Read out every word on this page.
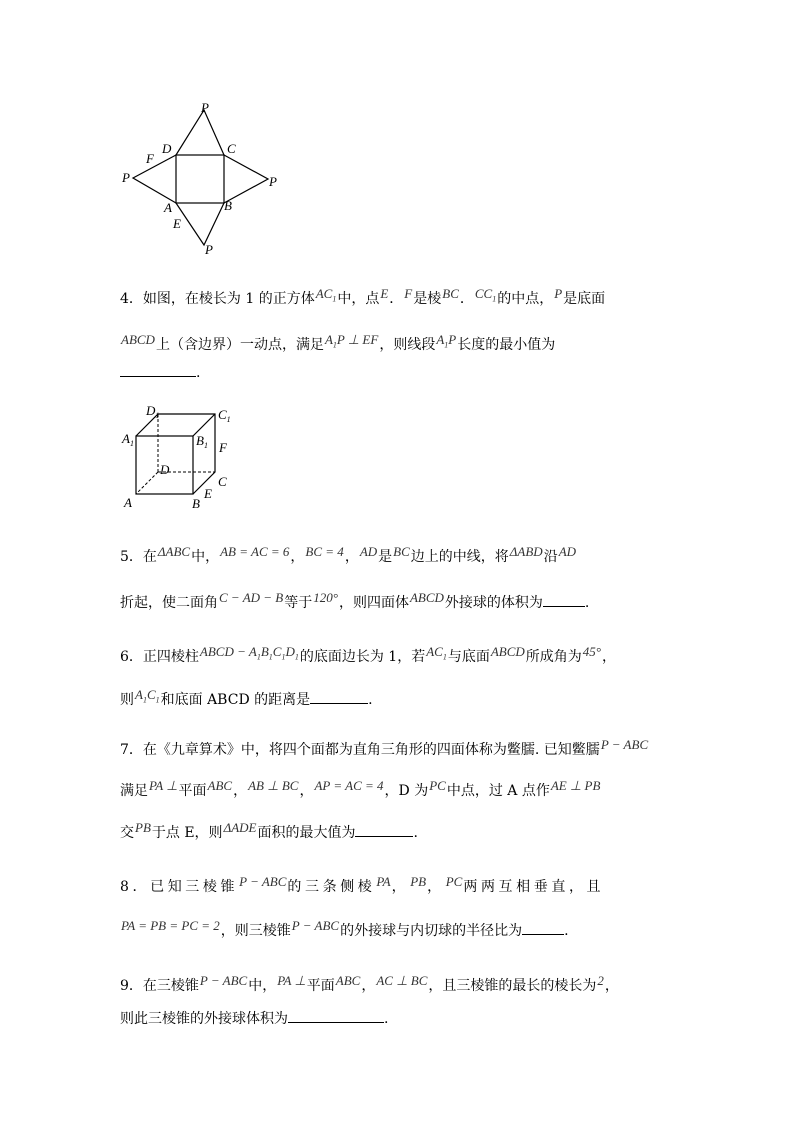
P
D	C
F
P	P
A	B
E
P
4．如图，在棱长为 1 的正方体$AC_1$中，点E．F是棱BC．$CC_1$的中点，P是底面
ABCD上（含边界）一动点，满足$A_1P$ ⊥ EF，则线段$A_1P$长度的最小值为
.
$D_1$	$C_1$
$A_1$	$B_1$ F
D
C
E
A	B
5．在ΔABC中，AB = AC = 6，BC = 4，AD是BC边上的中线，将ΔABD沿AD
折起，使二面角C − AD − B等于120°，则四面体ABCD外接球的体积为	.
6．正四棱柱ABCD − $A_1B_1C_1D_1$的底面边长为 1，若$AC_1$与底面ABCD所成角为45°，
则$A_1C_1$和底面 ABCD 的距离是	.
7．在《九章算术》中，将四个面都为直角三角形的四面体称为鳖臑. 已知鳖臑P − ABC
满足PA ⊥平面ABC，AB ⊥ BC，AP = AC = 4，D 为PC中点，过 A 点作AE ⊥ PB
交PB于点 E，则ΔADE面积的最大值为	.
8．已知三棱锥P − ABC的三条侧棱PA，PB，PC两两互相垂直，且
PA = PB = PC = 2，则三棱锥P − ABC的外接球与内切球的半径比为	.
9．在三棱锥P − ABC中，PA ⊥平面ABC，AC ⊥ BC，且三棱锥的最长的棱长为2，
则此三棱锥的外接球体积为	.
